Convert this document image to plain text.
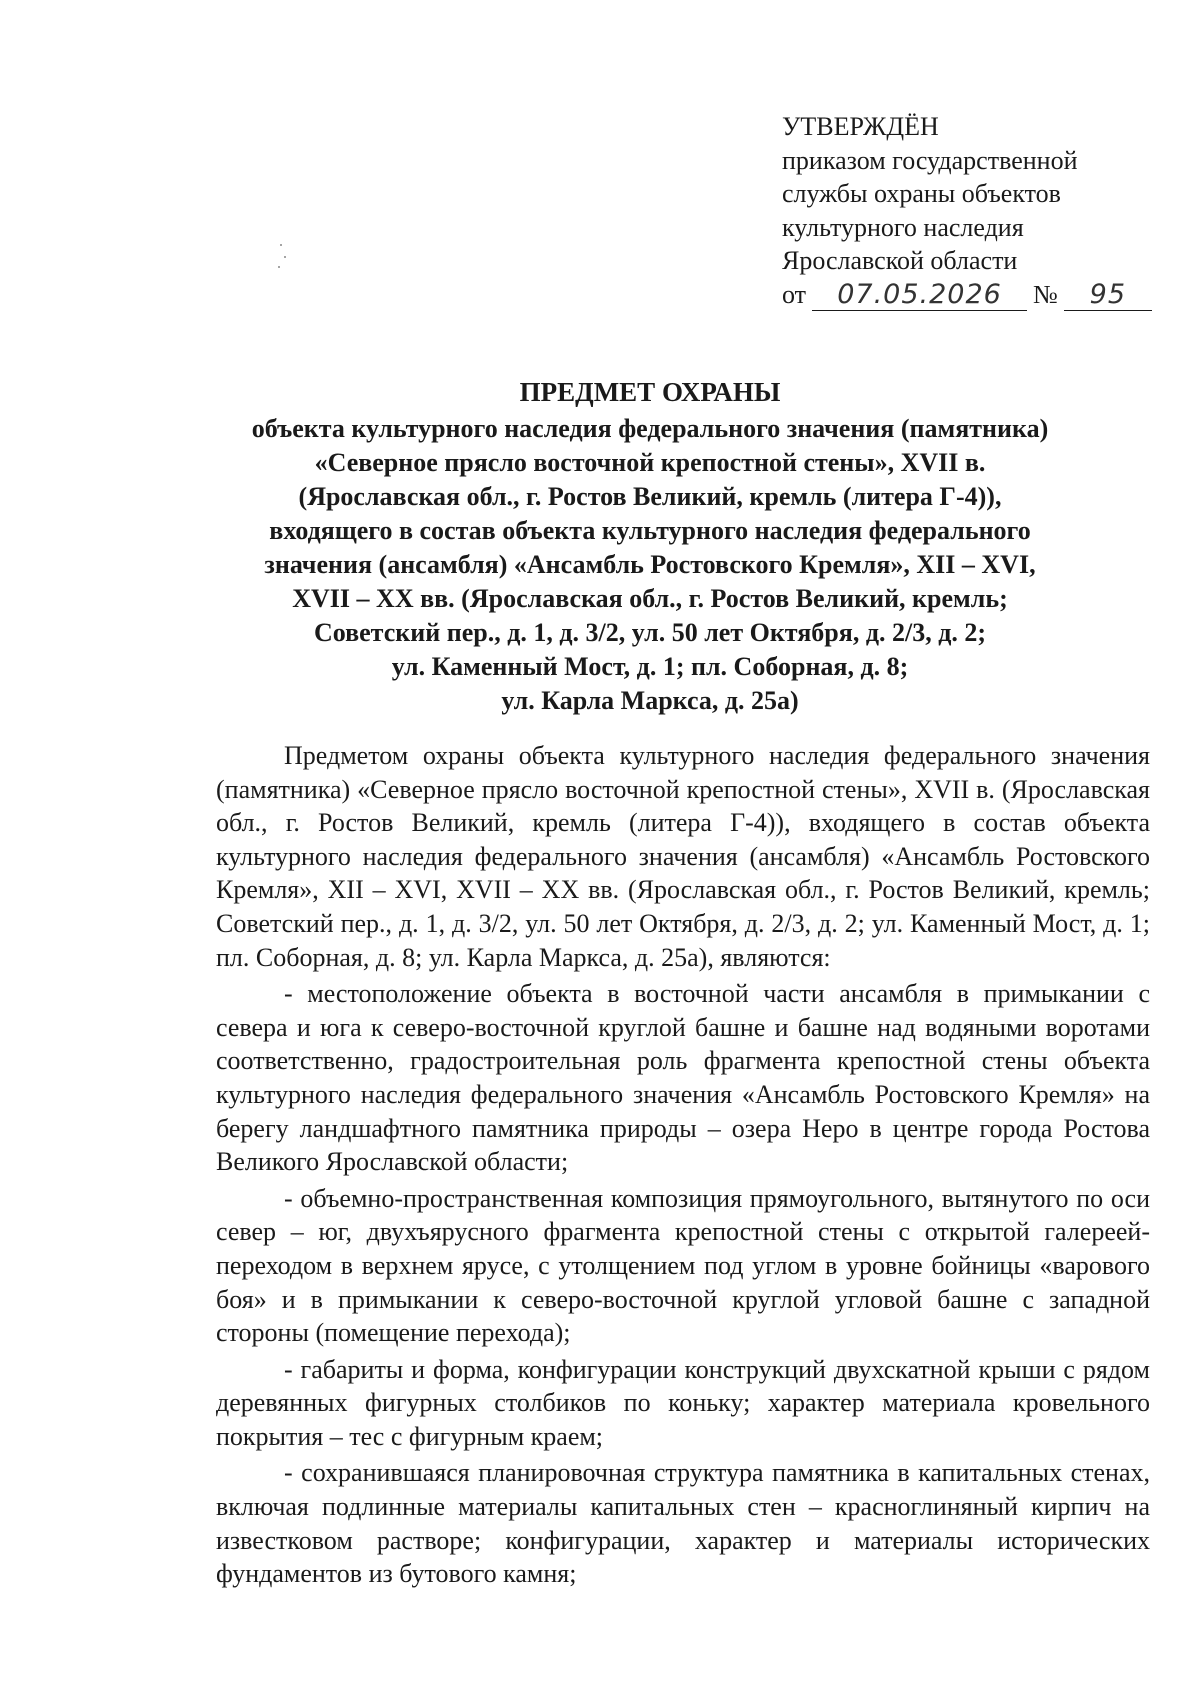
УТВЕРЖДЁН
приказом государственной
службы охраны объектов
культурного наследия
Ярославской области
от 07.05.2026 № 95
ПРЕДМЕТ ОХРАНЫ
объекта культурного наследия федерального значения (памятника)
«Северное прясло восточной крепостной стены», XVII в.
(Ярославская обл., г. Ростов Великий, кремль (литера Г-4)),
входящего в состав объекта культурного наследия федерального
значения (ансамбля) «Ансамбль Ростовского Кремля», XII – XVI,
XVII – XX вв. (Ярославская обл., г. Ростов Великий, кремль;
Советский пер., д. 1, д. 3/2, ул. 50 лет Октября, д. 2/3, д. 2;
ул. Каменный Мост, д. 1; пл. Соборная, д. 8;
ул. Карла Маркса, д. 25а)

Предметом охраны объекта культурного наследия федерального значения (памятника) «Северное прясло восточной крепостной стены», XVII в. (Ярославская обл., г. Ростов Великий, кремль (литера Г-4)), входящего в состав объекта культурного наследия федерального значения (ансамбля) «Ансамбль Ростовского Кремля», XII – XVI, XVII – XX вв. (Ярославская обл., г. Ростов Великий, кремль; Советский пер., д. 1, д. 3/2, ул. 50 лет Октября, д. 2/3, д. 2; ул. Каменный Мост, д. 1; пл. Соборная, д. 8; ул. Карла Маркса, д. 25а), являются:

- местоположение объекта в восточной части ансамбля в примыкании с севера и юга к северо-восточной круглой башне и башне над водяными воротами соответственно, градостроительная роль фрагмента крепостной стены объекта культурного наследия федерального значения «Ансамбль Ростовского Кремля» на берегу ландшафтного памятника природы – озера Неро в центре города Ростова Великого Ярославской области;

- объемно-пространственная композиция прямоугольного, вытянутого по оси север – юг, двухъярусного фрагмента крепостной стены с открытой галереей-переходом в верхнем ярусе, с утолщением под углом в уровне бойницы «варового боя» и в примыкании к северо-восточной круглой угловой башне с западной стороны (помещение перехода);

- габариты и форма, конфигурации конструкций двухскатной крыши с рядом деревянных фигурных столбиков по коньку; характер материала кровельного покрытия – тес с фигурным краем;

- сохранившаяся планировочная структура памятника в капитальных стенах, включая подлинные материалы капитальных стен – красноглиняный кирпич на известковом растворе; конфигурации, характер и материалы исторических фундаментов из бутового камня;
